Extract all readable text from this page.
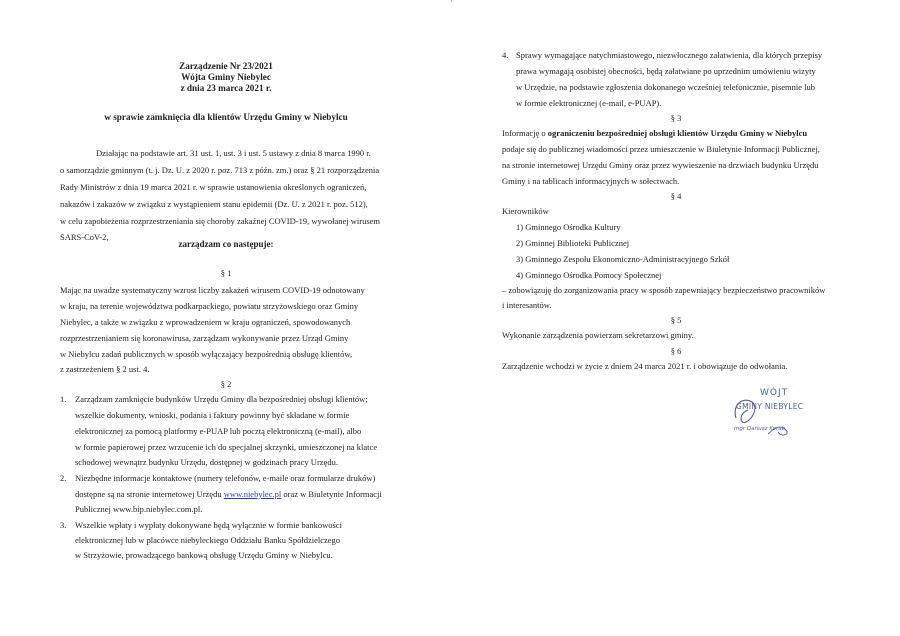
Zarządzenie Nr 23/2021
Wójta Gminy Niebylec
z dnia 23 marca 2021 r.
w sprawie zamknięcia dla klientów Urzędu Gminy w Niebylcu
Działając na podstawie art. 31 ust. 1, ust. 3 i ust. 5 ustawy z dnia 8 marca 1990 r.
o samorządzie gminnym (t. j. Dz. U. z 2020 r. poz. 713 z późn. zm.) oraz § 21 rozporządzenia
Rady Ministrów z dnia 19 marca 2021 r. w sprawie ustanowienia określonych ograniczeń,
nakazów i zakazów w związku z wystąpieniem stanu epidemii (Dz. U. z 2021 r. poz. 512),
w celu zapobieżenia rozprzestrzeniania się choroby zakaźnej COVID-19, wywołanej wirusem
SARS-CoV-2,
zarządzam co następuje:
§ 1
Mając na uwadze systematyczny wzrost liczby zakażeń wirusem COVID-19 odnotowany
w kraju, na terenie województwa podkarpackiego, powiatu strzyżowskiego oraz Gminy
Niebylec, a także w związku z wprowadzeniem w kraju ograniczeń, spowodowanych
rozprzestrzenianiem się koronawirusa, zarządzam wykonywanie przez Urząd Gminy
w Niebylcu zadań publicznych w sposób wyłączający bezpośrednią obsługę klientów,
z zastrzeżeniem § 2 ust. 4.
§ 2
1. Zarządzam zamknięcie budynków Urzędu Gminy dla bezpośredniej obsługi klientów;
wszelkie dokumenty, wnioski, podania i faktury powinny być składane w formie
elektronicznej za pomocą platformy e-PUAP lub pocztą elektroniczną (e-mail), albo
w formie papierowej przez wrzucenie ich do specjalnej skrzynki, umieszczonej na klatce
schodowej wewnątrz budynku Urzędu, dostępnej w godzinach pracy Urzędu.
2. Niezbędne informacje kontaktowe (numery telefonów, e-maile oraz formularze druków)
dostępne są na stronie internetowej Urzędu www.niebylec.pl oraz w Biuletynie Informacji
Publicznej www.bip.niebylec.com.pl.
3. Wszelkie wpłaty i wypłaty dokonywane będą wyłącznie w formie bankowości
elektronicznej lub w placówce niebyleckiego Oddziału Banku Spółdzielczego
w Strzyżowie, prowadzącego bankową obsługę Urzędu Gminy w Niebylcu.
4. Sprawy wymagające natychmiastowego, niezwłocznego załatwienia, dla których przepisy
prawa wymagają osobistej obecności, będą załatwiane po uprzednim umówieniu wizyty
w Urzędzie, na podstawie zgłoszenia dokonanego wcześniej telefonicznie, pisemnie lub
w formie elektronicznej (e-mail, e-PUAP).
§ 3
Informację o ograniczeniu bezpośredniej obsługi klientów Urzędu Gminy w Niebylcu
podaje się do publicznej wiadomości przez umieszczenie w Biuletynie Informacji Publicznej,
na stronie internetowej Urzędu Gminy oraz przez wywieszenie na drzwiach budynku Urzędu
Gminy i na tablicach informacyjnych w sołectwach.
§ 4
Kierowników
1) Gminnego Ośrodka Kultury
2) Gminnej Biblioteki Publicznej
3) Gminnego Zespołu Ekonomiczno-Administracyjnego Szkół
4) Gminnego Ośrodka Pomocy Społecznej
– zobowiązuję do zorganizowania pracy w sposób zapewniający bezpieczeństwo pracowników
i interesantów.
§ 5
Wykonanie zarządzenia powierzam sekretarzowi gminy.
§ 6
Zarządzenie wchodzi w życie z dniem 24 marca 2021 r. i obowiązuje do odwołania.
WÓJT
GMINY NIEBYLEC
mgr Dariusz Korab
